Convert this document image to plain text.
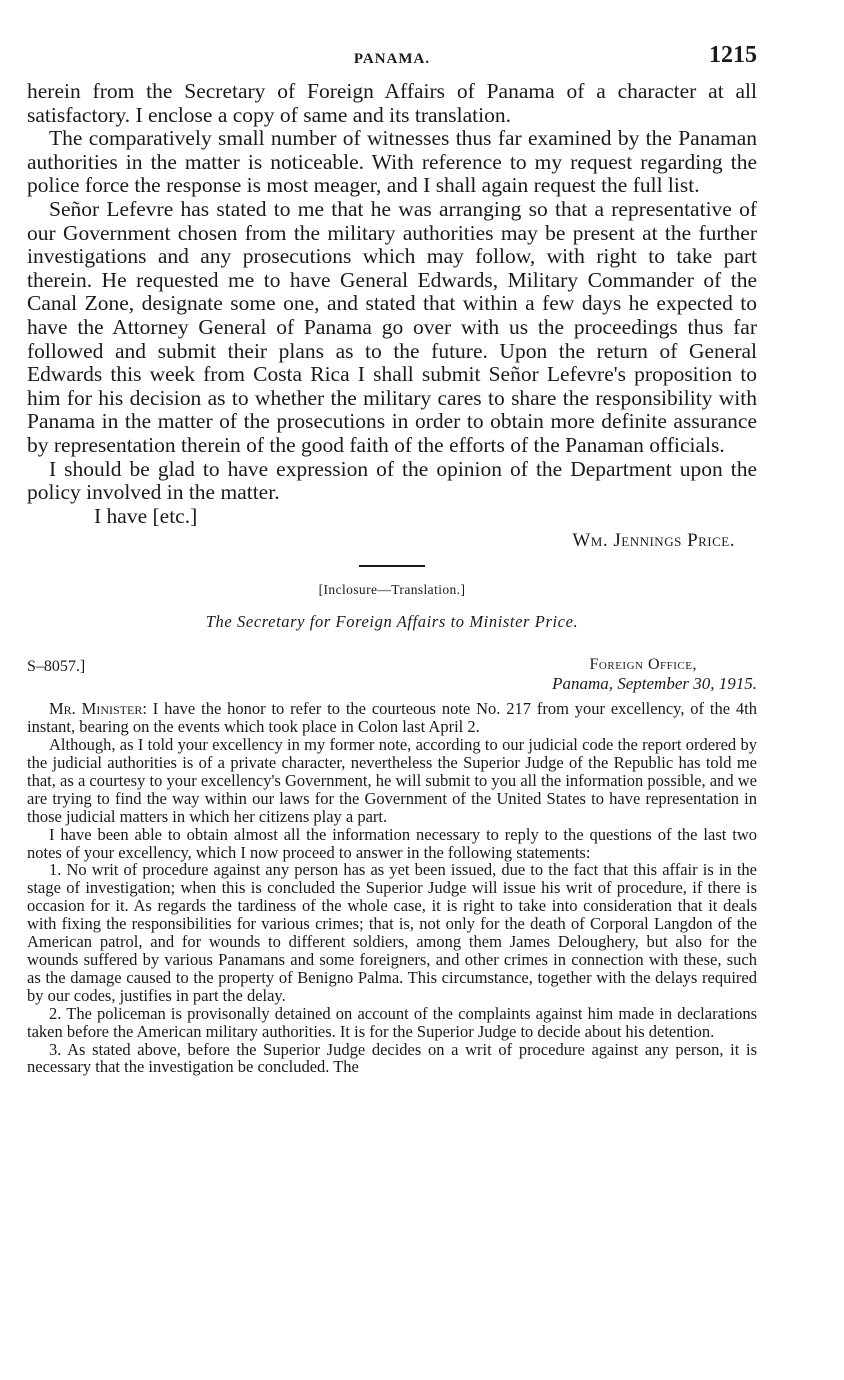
PANAMA.	1215

herein from the Secretary of Foreign Affairs of Panama of a character at all satisfactory. I enclose a copy of same and its translation.

The comparatively small number of witnesses thus far examined by the Panaman authorities in the matter is noticeable. With reference to my request regarding the police force the response is most meager, and I shall again request the full list.

Señor Lefevre has stated to me that he was arranging so that a representative of our Government chosen from the military authorities may be present at the further investigations and any prosecutions which may follow, with right to take part therein. He requested me to have General Edwards, Military Commander of the Canal Zone, designate some one, and stated that within a few days he expected to have the Attorney General of Panama go over with us the proceedings thus far followed and submit their plans as to the future. Upon the return of General Edwards this week from Costa Rica I shall submit Señor Lefevre's proposition to him for his decision as to whether the military cares to share the responsibility with Panama in the matter of the prosecutions in order to obtain more definite assurance by representation therein of the good faith of the efforts of the Panaman officials.

I should be glad to have expression of the opinion of the Department upon the policy involved in the matter.

I have [etc.]

Wm. Jennings Price.
[Inclosure—Translation.]
The Secretary for Foreign Affairs to Minister Price.
S–8057.]	Foreign Office,
Panama, September 30, 1915.

Mr. Minister: I have the honor to refer to the courteous note No. 217 from your excellency, of the 4th instant, bearing on the events which took place in Colon last April 2.

Although, as I told your excellency in my former note, according to our judicial code the report ordered by the judicial authorities is of a private character, nevertheless the Superior Judge of the Republic has told me that, as a courtesy to your excellency's Government, he will submit to you all the information possible, and we are trying to find the way within our laws for the Government of the United States to have representation in those judicial matters in which her citizens play a part.

I have been able to obtain almost all the information necessary to reply to the questions of the last two notes of your excellency, which I now proceed to answer in the following statements:

1. No writ of procedure against any person has as yet been issued, due to the fact that this affair is in the stage of investigation; when this is concluded the Superior Judge will issue his writ of procedure, if there is occasion for it. As regards the tardiness of the whole case, it is right to take into consideration that it deals with fixing the responsibilities for various crimes; that is, not only for the death of Corporal Langdon of the American patrol, and for wounds to different soldiers, among them James Deloughery, but also for the wounds suffered by various Panamans and some foreigners, and other crimes in connection with these, such as the damage caused to the property of Benigno Palma. This circumstance, together with the delays required by our codes, justifies in part the delay.

2. The policeman is provisonally detained on account of the complaints against him made in declarations taken before the American military authorities. It is for the Superior Judge to decide about his detention.

3. As stated above, before the Superior Judge decides on a writ of procedure against any person, it is necessary that the investigation be concluded. The
